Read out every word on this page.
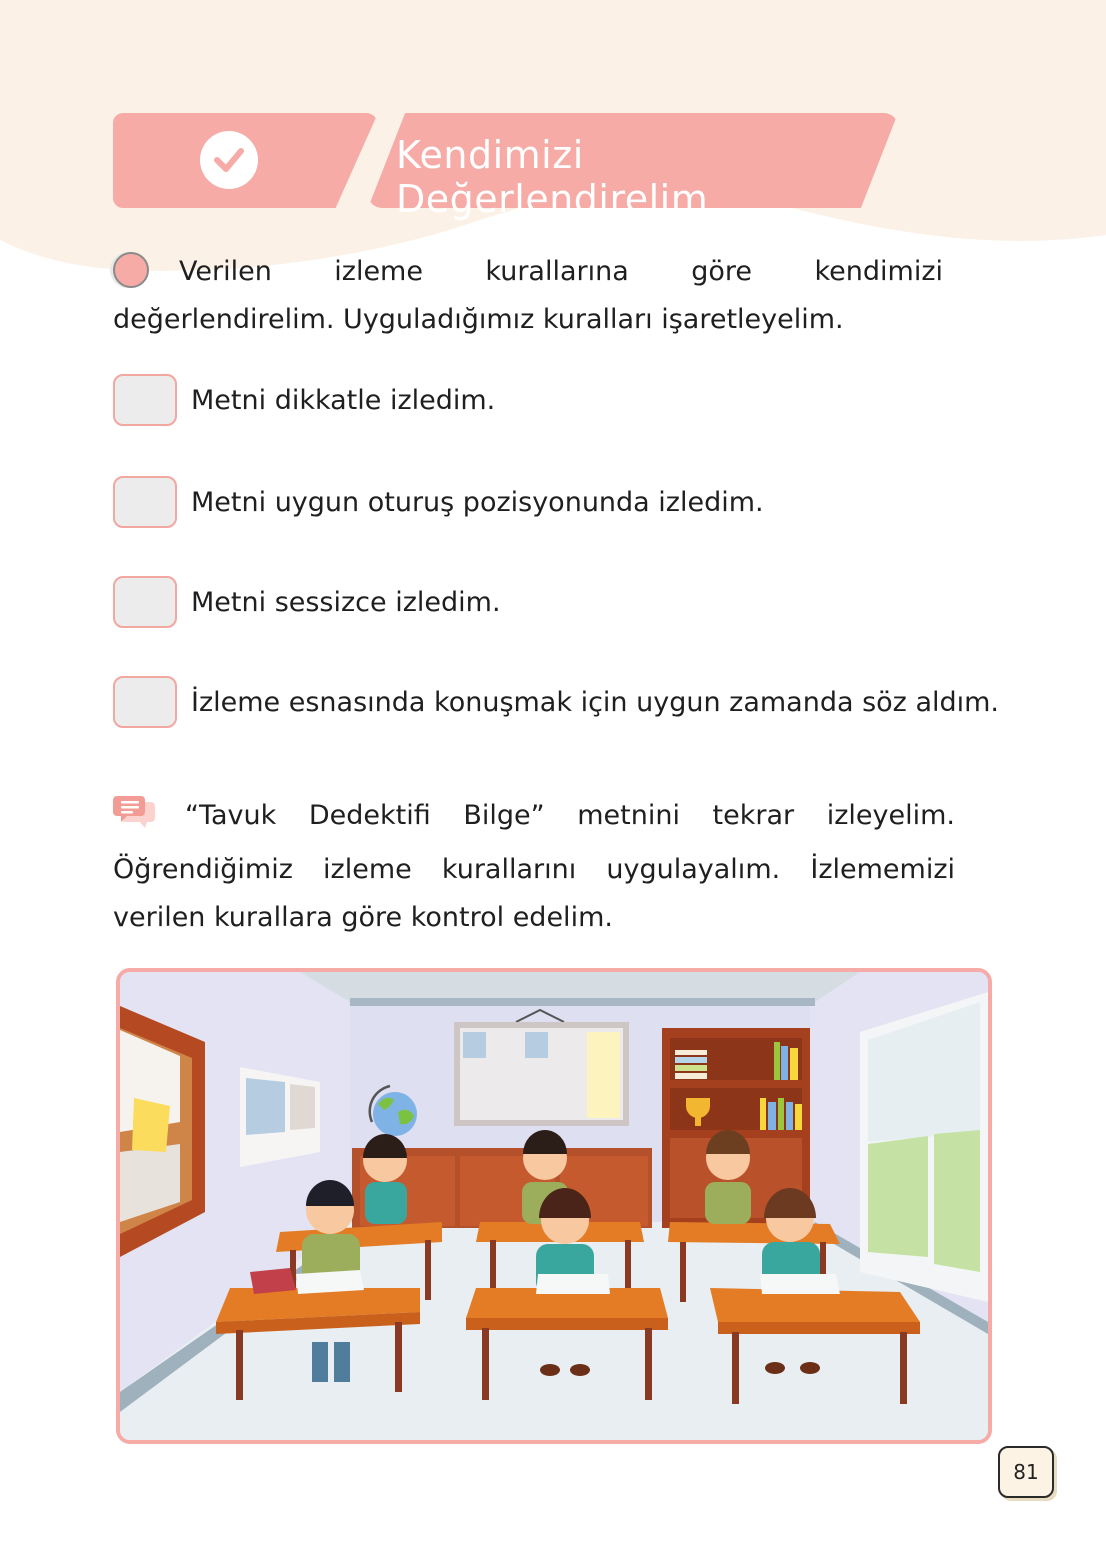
Kendimizi Değerlendirelim
Verilen izleme kurallarına göre kendimizi değerlendirelim. Uyguladığımız kuralları işaretleyelim.
Metni dikkatle izledim.
Metni uygun oturuş pozisyonunda izledim.
Metni sessizce izledim.
İzleme esnasında konuşmak için uygun zamanda söz aldım.
“Tavuk Dedektifi Bilge” metnini tekrar izleyelim. Öğrendiğimiz izleme kurallarını uygulayalım. İzlememizi verilen kurallara göre kontrol edelim.
81
